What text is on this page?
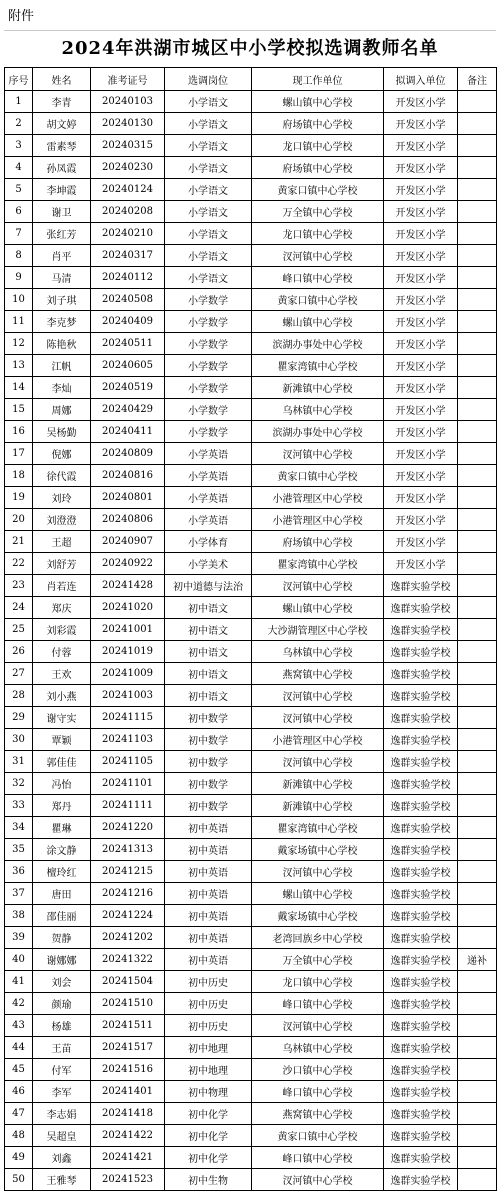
附件
2024年洪湖市城区中小学校拟选调教师名单
序号	姓名	准考证号	选调岗位	现工作单位	拟调入单位	备注
1	李青	20240103	小学语文	螺山镇中心学校	开发区小学	
2	胡文婷	20240130	小学语文	府场镇中心学校	开发区小学	
3	雷素琴	20240315	小学语文	龙口镇中心学校	开发区小学	
4	孙凤霞	20240230	小学语文	府场镇中心学校	开发区小学	
5	李坤霞	20240124	小学语文	黄家口镇中心学校	开发区小学	
6	谢卫	20240208	小学语文	万全镇中心学校	开发区小学	
7	张红芳	20240210	小学语文	龙口镇中心学校	开发区小学	
8	肖平	20240317	小学语文	汊河镇中心学校	开发区小学	
9	马清	20240112	小学语文	峰口镇中心学校	开发区小学	
10	刘子琪	20240508	小学数学	黄家口镇中心学校	开发区小学	
11	李克梦	20240409	小学数学	螺山镇中心学校	开发区小学	
12	陈艳秋	20240511	小学数学	滨湖办事处中心学校	开发区小学	
13	江帆	20240605	小学数学	瞿家湾镇中心学校	开发区小学	
14	李灿	20240519	小学数学	新滩镇中心学校	开发区小学	
15	周娜	20240429	小学数学	乌林镇中心学校	开发区小学	
16	吴杨勤	20240411	小学数学	滨湖办事处中心学校	开发区小学	
17	倪娜	20240809	小学英语	汊河镇中心学校	开发区小学	
18	徐代霞	20240816	小学英语	黄家口镇中心学校	开发区小学	
19	刘玲	20240801	小学英语	小港管理区中心学校	开发区小学	
20	刘澄澄	20240806	小学英语	小港管理区中心学校	开发区小学	
21	王超	20240907	小学体育	府场镇中心学校	开发区小学	
22	刘舒芳	20240922	小学美术	瞿家湾镇中心学校	开发区小学	
23	肖若连	20241428	初中道德与法治	汊河镇中心学校	逸群实验学校	
24	郑庆	20241020	初中语文	螺山镇中心学校	逸群实验学校	
25	刘彩霞	20241001	初中语文	大沙湖管理区中心学校	逸群实验学校	
26	付蓉	20241019	初中语文	乌林镇中心学校	逸群实验学校	
27	王欢	20241009	初中语文	燕窝镇中心学校	逸群实验学校	
28	刘小燕	20241003	初中语文	汊河镇中心学校	逸群实验学校	
29	谢守实	20241115	初中数学	汊河镇中心学校	逸群实验学校	
30	覃颖	20241103	初中数学	小港管理区中心学校	逸群实验学校	
31	郭佳佳	20241105	初中数学	汊河镇中心学校	逸群实验学校	
32	冯怡	20241101	初中数学	新滩镇中心学校	逸群实验学校	
33	郑丹	20241111	初中数学	新滩镇中心学校	逸群实验学校	
34	瞿琳	20241220	初中英语	瞿家湾镇中心学校	逸群实验学校	
35	涂文静	20241313	初中英语	戴家场镇中心学校	逸群实验学校	
36	檀玲红	20241215	初中英语	汊河镇中心学校	逸群实验学校	
37	唐田	20241216	初中英语	螺山镇中心学校	逸群实验学校	
38	邵佳丽	20241224	初中英语	戴家场镇中心学校	逸群实验学校	
39	贺静	20241202	初中英语	老湾回族乡中心学校	逸群实验学校	
40	谢娜娜	20241322	初中英语	万全镇中心学校	逸群实验学校	递补
41	刘会	20241504	初中历史	龙口镇中心学校	逸群实验学校	
42	颜瑜	20241510	初中历史	峰口镇中心学校	逸群实验学校	
43	杨雄	20241511	初中历史	汊河镇中心学校	逸群实验学校	
44	王苗	20241517	初中地理	乌林镇中心学校	逸群实验学校	
45	付军	20241516	初中地理	沙口镇中心学校	逸群实验学校	
46	李军	20241401	初中物理	峰口镇中心学校	逸群实验学校	
47	李志娟	20241418	初中化学	燕窝镇中心学校	逸群实验学校	
48	吴超皇	20241422	初中化学	黄家口镇中心学校	逸群实验学校	
49	刘鑫	20241421	初中化学	峰口镇中心学校	逸群实验学校	
50	王雅琴	20241523	初中生物	汊河镇中心学校	逸群实验学校	
